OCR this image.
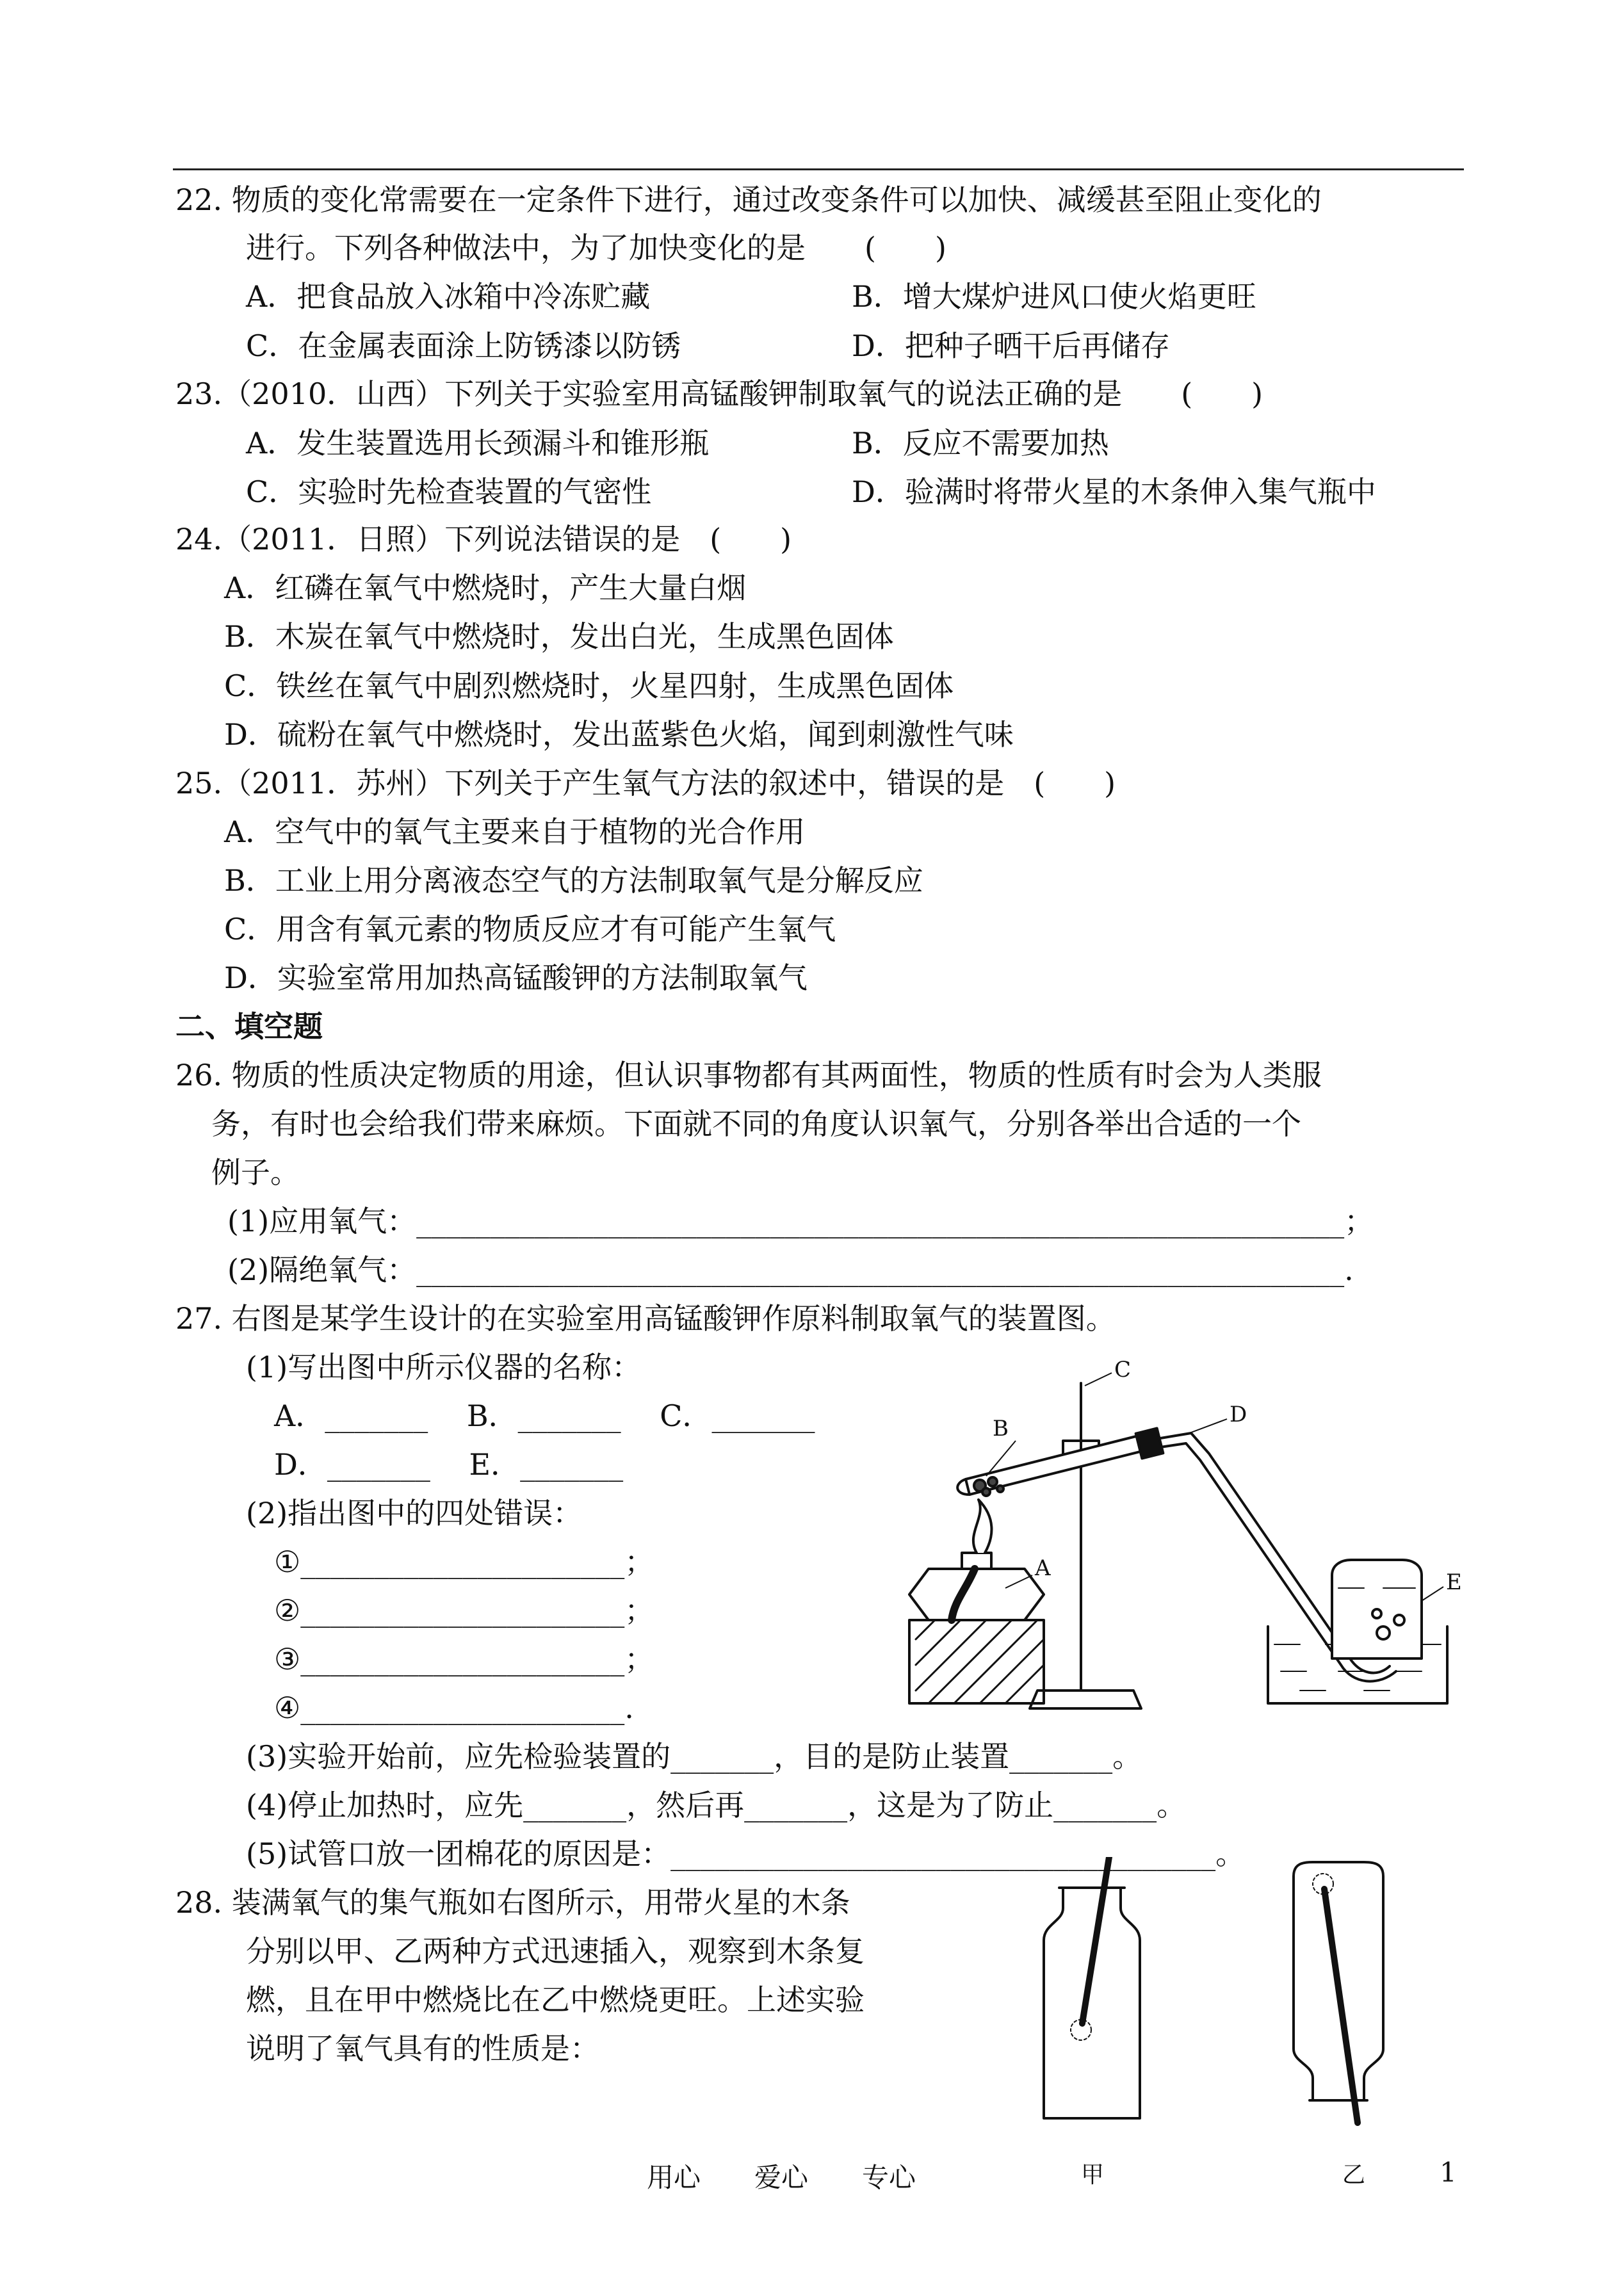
22. 物质的变化常需要在一定条件下进行，通过改变条件可以加快、减缓甚至阻止变化的
进行。下列各种做法中，为了加快变化的是　　(　　)
A．把食品放入冰箱中冷冻贮藏	B．增大煤炉进风口使火焰更旺
C．在金属表面涂上防锈漆以防锈	D．把种子晒干后再储存
23.（2010．山西）下列关于实验室用高锰酸钾制取氧气的说法正确的是　　(　　)
A．发生装置选用长颈漏斗和锥形瓶	B．反应不需要加热
C．实验时先检查装置的气密性	D．验满时将带火星的木条伸入集气瓶中
24.（2011．日照）下列说法错误的是　(　　)
A．红磷在氧气中燃烧时，产生大量白烟
B．木炭在氧气中燃烧时，发出白光，生成黑色固体
C．铁丝在氧气中剧烈燃烧时，火星四射，生成黑色固体
D．硫粉在氧气中燃烧时，发出蓝紫色火焰，闻到刺激性气味
25.（2011．苏州）下列关于产生氧气方法的叙述中，错误的是　(　　)
A．空气中的氧气主要来自于植物的光合作用
B．工业上用分离液态空气的方法制取氧气是分解反应
C．用含有氧元素的物质反应才有可能产生氧气
D．实验室常用加热高锰酸钾的方法制取氧气
二、填空题
26. 物质的性质决定物质的用途，但认识事物都有其两面性，物质的性质有时会为人类服
务，有时也会给我们带来麻烦。下面就不同的角度认识氧气，分别各举出合适的一个
例子。
(1)应用氧气：_______________________________________________________________；
(2)隔绝氧气：_______________________________________________________________.
27. 右图是某学生设计的在实验室用高锰酸钾作原料制取氧气的装置图。
(1)写出图中所示仪器的名称：
A．_______　 B．_______　 C．_______
D．_______　 E．_______
(2)指出图中的四处错误：
①______________________；
②______________________；
③______________________；
④______________________.
(3)实验开始前，应先检验装置的_______，目的是防止装置_______。
(4)停止加热时，应先_______，然后再_______，这是为了防止_______。
(5)试管口放一团棉花的原因是：_____________________________________。
C
B
D
A
E
28. 装满氧气的集气瓶如右图所示，用带火星的木条
分别以甲、乙两种方式迅速插入，观察到木条复
燃，且在甲中燃烧比在乙中燃烧更旺。上述实验
说明了氧气具有的性质是：
用心　　爱心　　专心	甲	乙	1
